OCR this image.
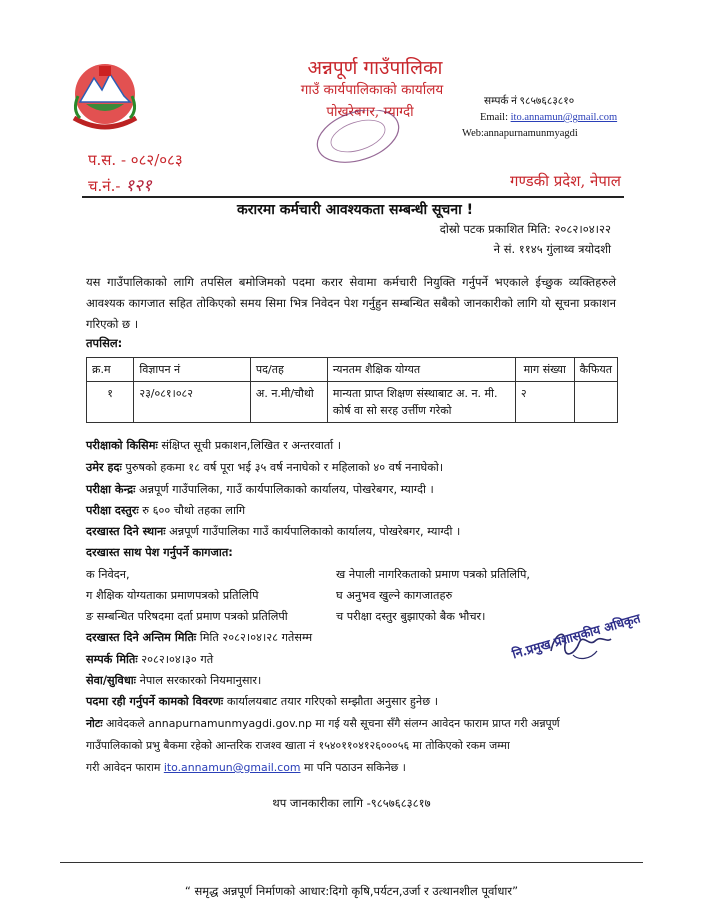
अन्नपूर्ण गाउँपालिका
गाउँ कार्यपालिकाको कार्यालय
पोखरेबगर, म्याग्दी
सम्पर्क नं ९८५७६८३८१०
Email: ito.annamun@gmail.com
Web:annapurnamunmyagdi
प.स. - ०८२/०८३
च.नं.- १२१	गण्डकी प्रदेश, नेपाल
करारमा कर्मचारी आवश्यकता सम्बन्धी सूचना !
दोस्रो पटक प्रकाशित मिति: २०८२।०४।२२
ने सं. ११४५ गुंलाथ्व त्रयोदशी
यस गाउँपालिकाको लागि तपसिल बमोजिमको पदमा करार सेवामा कर्मचारी नियुक्ति गर्नुपर्ने भएकाले ईच्छुक व्यक्तिहरुले आवश्यक कागजात सहित तोकिएको समय सिमा भित्र निवेदन पेश गर्नुहुन सम्बन्धित सबैको जानकारीको लागि यो सूचना प्रकाशन गरिएको छ ।
तपसिल:
क्र.म	विज्ञापन नं	पद/तह	न्यनतम शैक्षिक योग्यत	माग संख्या	कैफियत
१	२३/०८१।०८२	अ. न.मी/चौथो	मान्यता प्राप्त शिक्षण संस्थाबाट अ. न. मी. कोर्ष वा सो सरह उर्त्तीण गरेको	२	
परीक्षाको किसिमः संक्षिप्त सूची प्रकाशन,लिखित र अन्तरवार्ता ।
उमेर हदः पुरुषको हकमा १८ वर्ष पूरा भई ३५ वर्ष ननाघेको र महिलाको ४० वर्ष ननाघेको।
परीक्षा केन्द्रः अन्नपूर्ण गाउँपालिका, गाउँ कार्यपालिकाको कार्यालय, पोखरेबगर, म्याग्दी ।
परीक्षा दस्तुरः रु ६०० चौथो तहका लागि
दरखास्त दिने स्थानः अन्नपूर्ण गाउँपालिका गाउँ कार्यपालिकाको कार्यालय, पोखरेबगर, म्याग्दी ।
दरखास्त साथ पेश गर्नुपर्ने कागजात:
क निवेदन,	ख नेपाली नागरिकताको प्रमाण पत्रको प्रतिलिपि,
ग शैक्षिक योग्यताका प्रमाणपत्रको प्रतिलिपि	घ अनुभव खुल्ने कागजातहरु
ङ सम्बन्धित परिषदमा दर्ता प्रमाण पत्रको प्रतिलिपी	च परीक्षा दस्तुर बुझाएको बैक भौचर।
दरखास्त दिने अन्तिम मितिः मिति २०८२।०४।२८ गतेसम्म
सम्पर्क मितिः २०८२।०४।३० गते
सेवा/सुविधाः नेपाल सरकारको नियमानुसार।
पदमा रही गर्नुपर्ने कामको विवरणः कार्यालयबाट तयार गरिएको सम्झौता अनुसार हुनेछ ।
नोटः आवेदकले annapurnamunmyagdi.gov.np मा गई यसै सूचना सँगै संलग्न आवेदन फाराम प्राप्त गरी अन्नपूर्ण
गाउँपालिकाको प्रभु बैकमा रहेको आन्तरिक राजश्व खाता नं १५४०११०४१२६०००५६ मा तोकिएको रकम जम्मा
गरी आवेदन फाराम ito.annamun@gmail.com मा पनि पठाउन सकिनेछ ।
नि.प्रमुख प्रशासकीय अधिकृत
थप जानकारीका लागि -९८५७६८३८१७
“ समृद्ध अन्नपूर्ण निर्माणको आधार:दिगो कृषि,पर्यटन,उर्जा र उत्थानशील पूर्वाधार”
